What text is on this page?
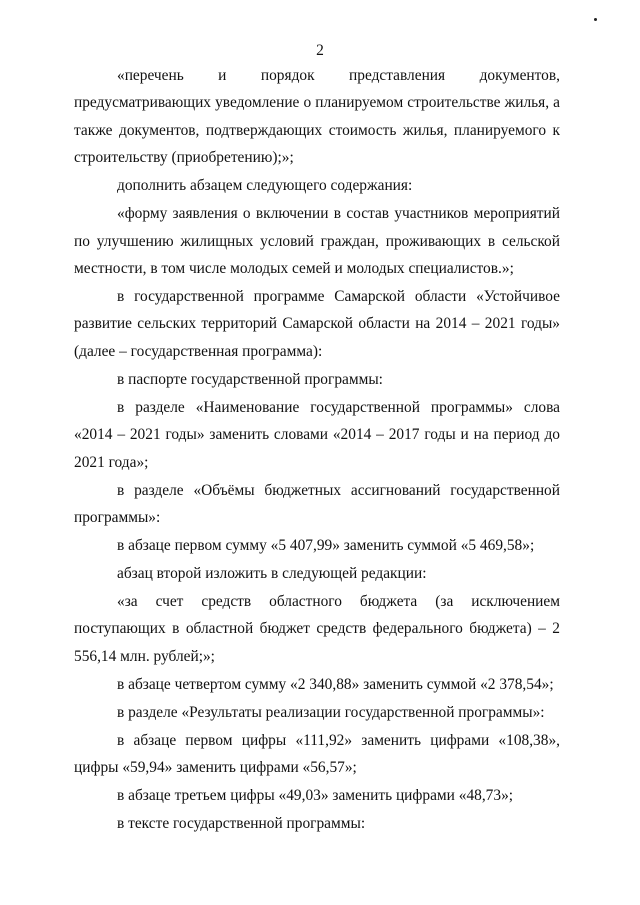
2

«перечень и порядок представления документов, предусматривающих уведомление о планируемом строительстве жилья, а также документов, подтверждающих стоимость жилья, планируемого к строительству (приобретению);»;

дополнить абзацем следующего содержания:

«форму заявления о включении в состав участников мероприятий по улучшению жилищных условий граждан, проживающих в сельской местности, в том числе молодых семей и молодых специалистов.»;

в государственной программе Самарской области «Устойчивое развитие сельских территорий Самарской области на 2014 – 2021 годы» (далее – государственная программа):

в паспорте государственной программы:

в разделе «Наименование государственной программы» слова «2014 – 2021 годы» заменить словами «2014 – 2017 годы и на период до 2021 года»;

в разделе «Объёмы бюджетных ассигнований государственной программы»:

в абзаце первом сумму «5 407,99» заменить суммой «5 469,58»;

абзац второй изложить в следующей редакции:

«за счет средств областного бюджета (за исключением поступающих в областной бюджет средств федерального бюджета) – 2 556,14 млн. рублей;»;

в абзаце четвертом сумму «2 340,88» заменить суммой «2 378,54»;

в разделе «Результаты реализации государственной программы»:

в абзаце первом цифры «111,92» заменить цифрами «108,38», цифры «59,94» заменить цифрами «56,57»;

в абзаце третьем цифры «49,03» заменить цифрами «48,73»;

в тексте государственной программы:
